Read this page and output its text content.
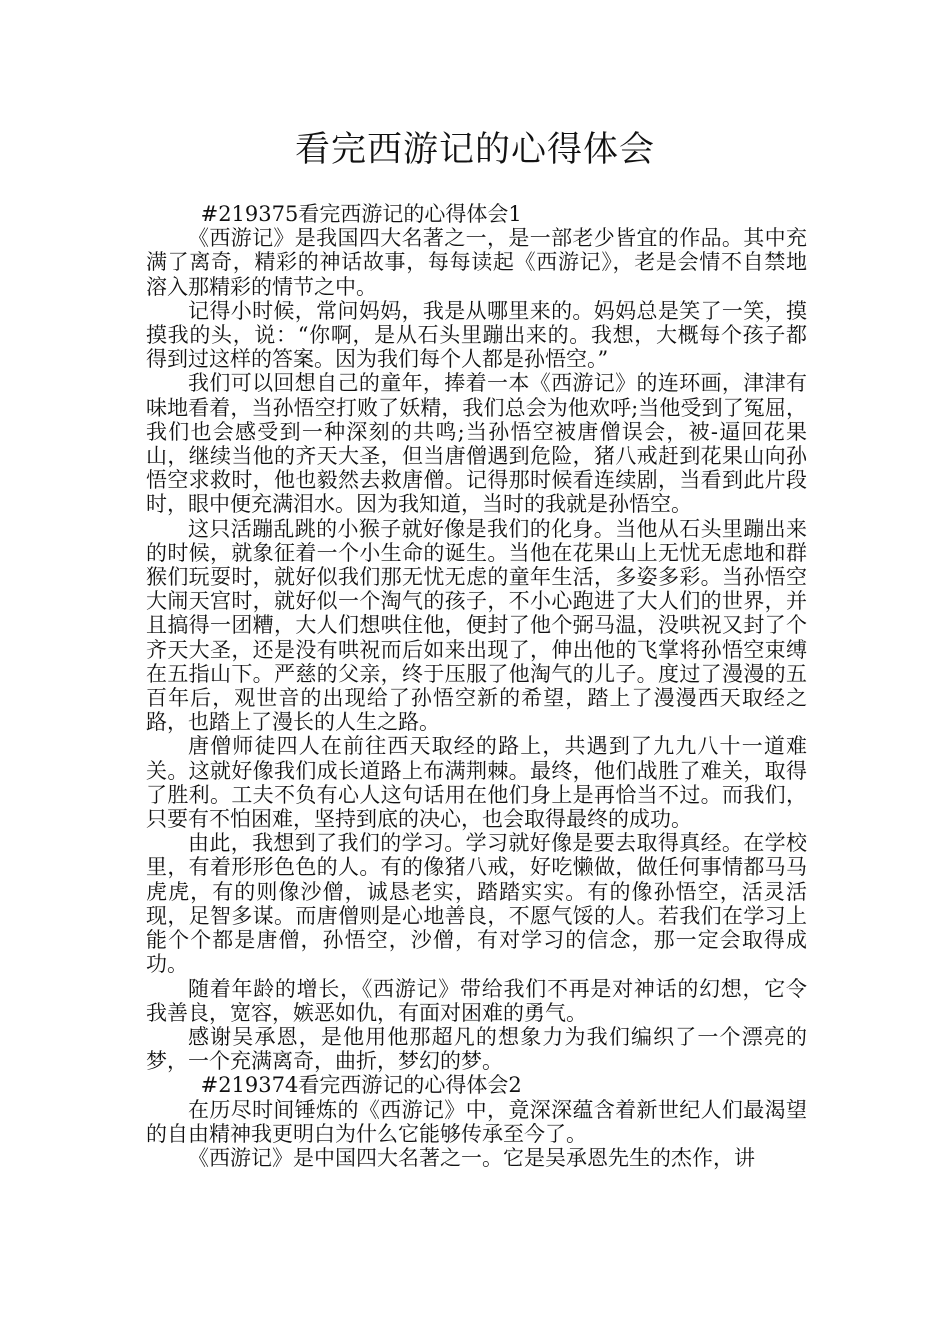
看完西游记的心得体会

#219375看完西游记的心得体会1

《西游记》是我国四大名著之一，是一部老少皆宜的作品。其中充满了离奇，精彩的神话故事，每每读起《西游记》，老是会情不自禁地溶入那精彩的情节之中。

记得小时候，常问妈妈，我是从哪里来的。妈妈总是笑了一笑，摸摸我的头，说：“你啊，是从石头里蹦出来的。我想，大概每个孩子都得到过这样的答案。因为我们每个人都是孙悟空。”

我们可以回想自己的童年，捧着一本《西游记》的连环画，津津有味地看着，当孙悟空打败了妖精，我们总会为他欢呼;当他受到了冤屈，我们也会感受到一种深刻的共鸣;当孙悟空被唐僧误会，被-逼回花果山，继续当他的齐天大圣，但当唐僧遇到危险，猪八戒赶到花果山向孙悟空求救时，他也毅然去救唐僧。记得那时候看连续剧，当看到此片段时，眼中便充满泪水。因为我知道，当时的我就是孙悟空。

这只活蹦乱跳的小猴子就好像是我们的化身。当他从石头里蹦出来的时候，就象征着一个小生命的诞生。当他在花果山上无忧无虑地和群猴们玩耍时，就好似我们那无忧无虑的童年生活，多姿多彩。当孙悟空大闹天宫时，就好似一个淘气的孩子，不小心跑进了大人们的世界，并且搞得一团糟，大人们想哄住他，便封了他个弼马温，没哄祝又封了个齐天大圣，还是没有哄祝而后如来出现了，伸出他的飞掌将孙悟空束缚在五指山下。严慈的父亲，终于压服了他淘气的儿子。度过了漫漫的五百年后，观世音的出现给了孙悟空新的希望，踏上了漫漫西天取经之路，也踏上了漫长的人生之路。

唐僧师徒四人在前往西天取经的路上，共遇到了九九八十一道难关。这就好像我们成长道路上布满荆棘。最终，他们战胜了难关，取得了胜利。工夫不负有心人这句话用在他们身上是再恰当不过。而我们，只要有不怕困难，坚持到底的决心，也会取得最终的成功。

由此，我想到了我们的学习。学习就好像是要去取得真经。在学校里，有着形形色色的人。有的像猪八戒，好吃懒做，做任何事情都马马虎虎，有的则像沙僧，诚恳老实，踏踏实实。有的像孙悟空，活灵活现，足智多谋。而唐僧则是心地善良，不愿气馁的人。若我们在学习上能个个都是唐僧，孙悟空，沙僧，有对学习的信念，那一定会取得成功。

随着年龄的增长，《西游记》带给我们不再是对神话的幻想，它令我善良，宽容，嫉恶如仇，有面对困难的勇气。

感谢吴承恩，是他用他那超凡的想象力为我们编织了一个漂亮的梦，一个充满离奇，曲折，梦幻的梦。

#219374看完西游记的心得体会2

在历尽时间锤炼的《西游记》中，竟深深蕴含着新世纪人们最渴望的自由精神我更明白为什么它能够传承至今了。

《西游记》是中国四大名著之一。它是吴承恩先生的杰作，讲
